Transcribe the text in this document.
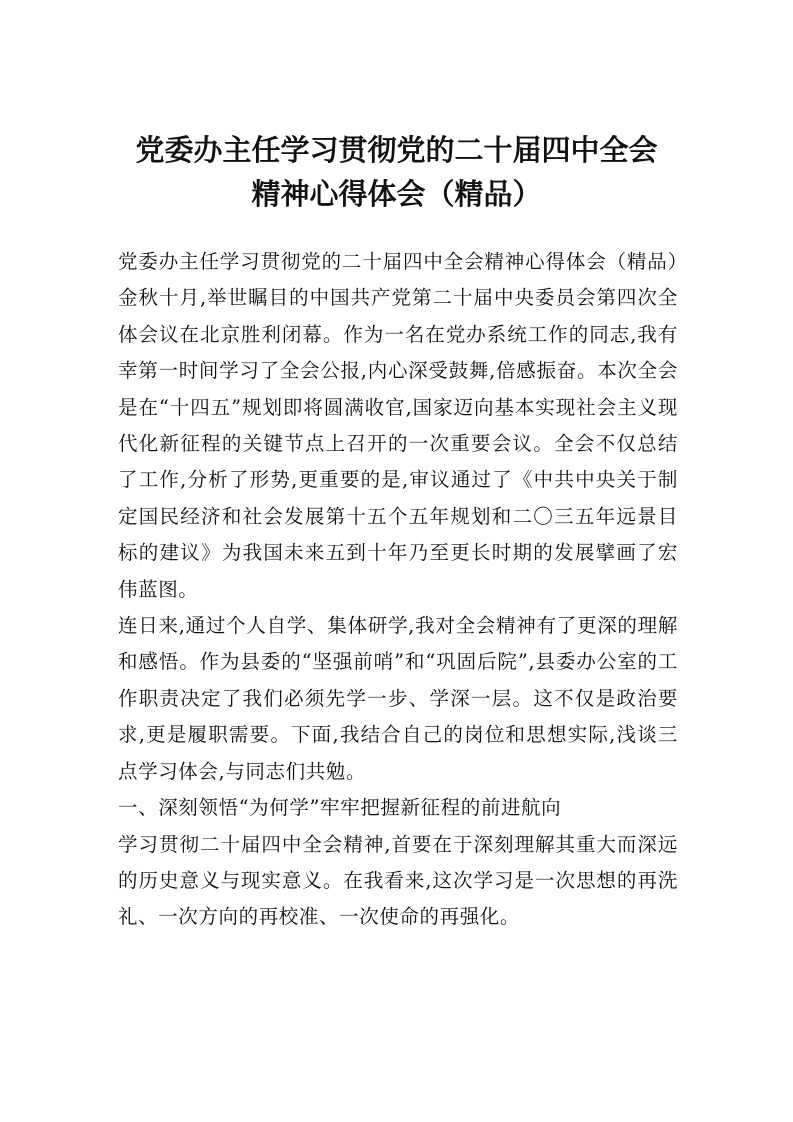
党委办主任学习贯彻党的二十届四中全会
精神心得体会（精品）

党委办主任学习贯彻党的二十届四中全会精神心得体会（精品）金秋十月,举世瞩目的中国共产党第二十届中央委员会第四次全体会议在北京胜利闭幕。作为一名在党办系统工作的同志,我有幸第一时间学习了全会公报,内心深受鼓舞,倍感振奋。本次全会是在“十四五”规划即将圆满收官,国家迈向基本实现社会主义现代化新征程的关键节点上召开的一次重要会议。全会不仅总结了工作,分析了形势,更重要的是,审议通过了《中共中央关于制定国民经济和社会发展第十五个五年规划和二〇三五年远景目标的建议》为我国未来五到十年乃至更长时期的发展擘画了宏伟蓝图。

连日来,通过个人自学、集体研学,我对全会精神有了更深的理解和感悟。作为县委的“坚强前哨”和“巩固后院”,县委办公室的工作职责决定了我们必须先学一步、学深一层。这不仅是政治要求,更是履职需要。下面,我结合自己的岗位和思想实际,浅谈三点学习体会,与同志们共勉。

一、深刻领悟“为何学”牢牢把握新征程的前进航向

学习贯彻二十届四中全会精神,首要在于深刻理解其重大而深远的历史意义与现实意义。在我看来,这次学习是一次思想的再洗礼、一次方向的再校准、一次使命的再强化。
